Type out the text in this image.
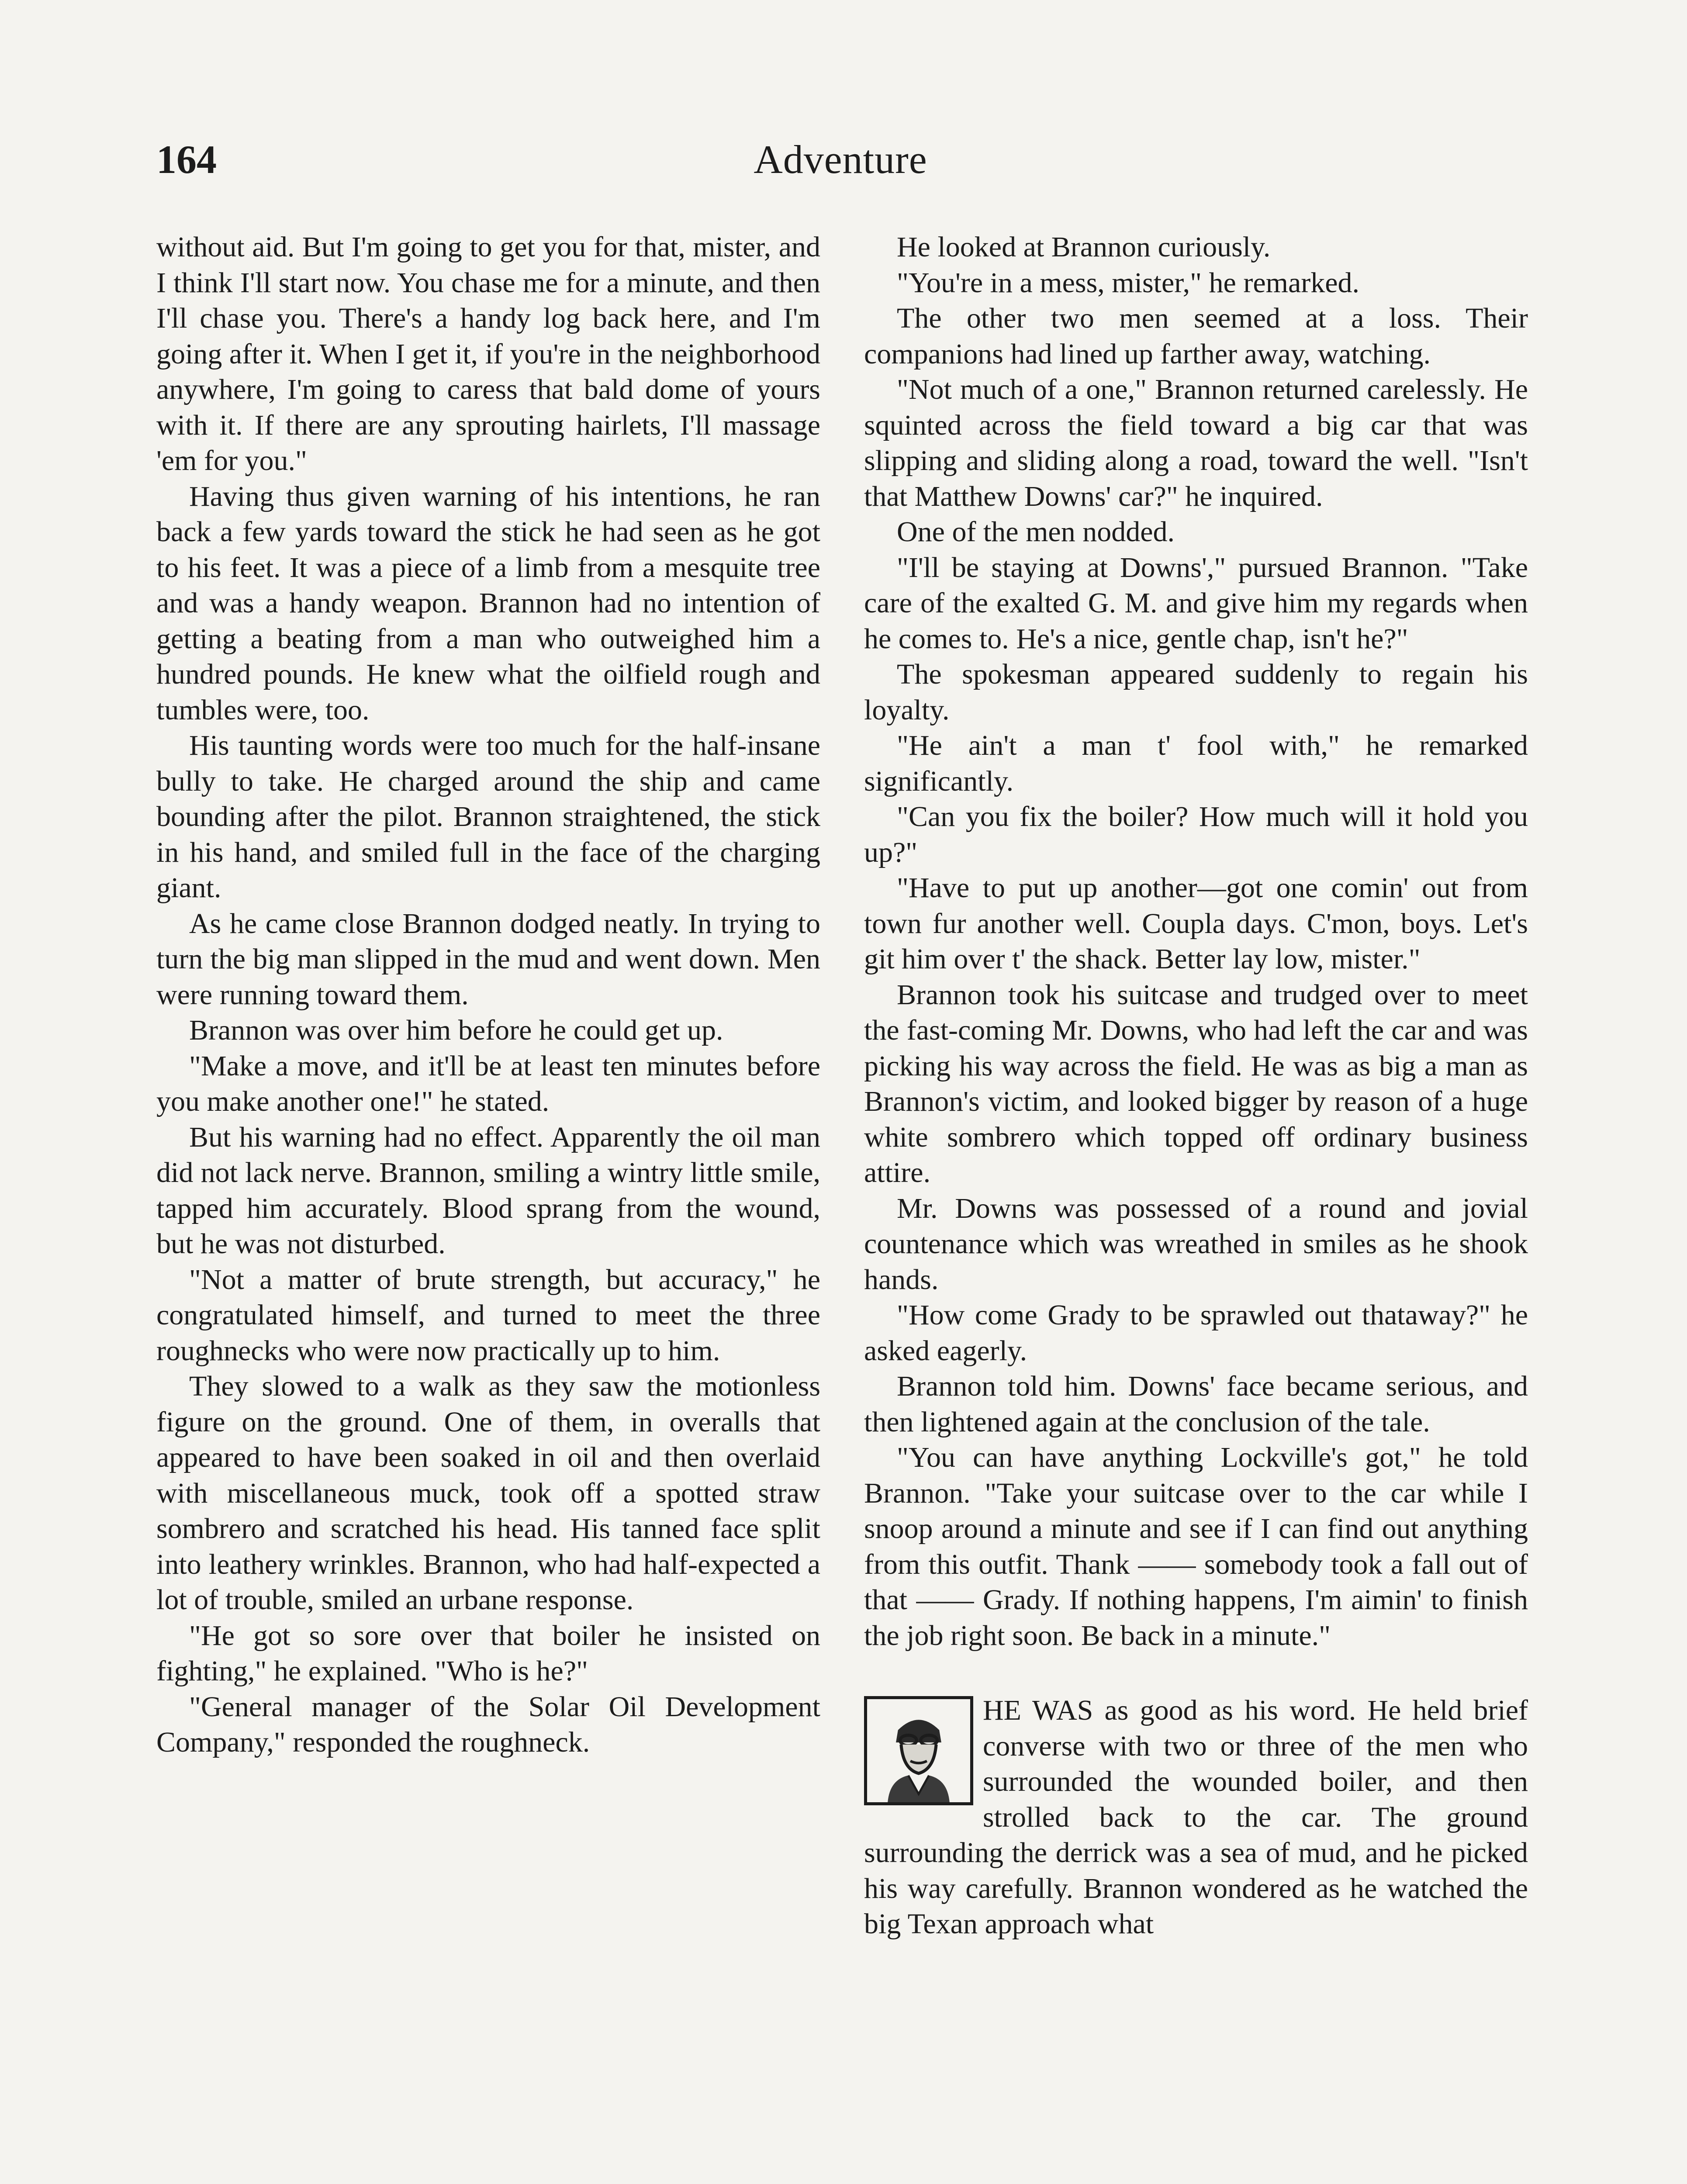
164	Adventure

without aid. But I'm going to get you for that, mister, and I think I'll start now. You chase me for a minute, and then I'll chase you. There's a handy log back here, and I'm going after it. When I get it, if you're in the neighborhood anywhere, I'm going to caress that bald dome of yours with it. If there are any sprouting hairlets, I'll massage 'em for you."

Having thus given warning of his intentions, he ran back a few yards toward the stick he had seen as he got to his feet. It was a piece of a limb from a mesquite tree and was a handy weapon. Brannon had no intention of getting a beating from a man who outweighed him a hundred pounds. He knew what the oilfield rough and tumbles were, too.

His taunting words were too much for the half-insane bully to take. He charged around the ship and came bounding after the pilot. Brannon straightened, the stick in his hand, and smiled full in the face of the charging giant.

As he came close Brannon dodged neatly. In trying to turn the big man slipped in the mud and went down. Men were running toward them.

Brannon was over him before he could get up.

"Make a move, and it'll be at least ten minutes before you make another one!" he stated.

But his warning had no effect. Apparently the oil man did not lack nerve. Brannon, smiling a wintry little smile, tapped him accurately. Blood sprang from the wound, but he was not disturbed.

"Not a matter of brute strength, but accuracy," he congratulated himself, and turned to meet the three roughnecks who were now practically up to him.

They slowed to a walk as they saw the motionless figure on the ground. One of them, in overalls that appeared to have been soaked in oil and then overlaid with miscellaneous muck, took off a spotted straw sombrero and scratched his head. His tanned face split into leathery wrinkles. Brannon, who had half-expected a lot of trouble, smiled an urbane response.

"He got so sore over that boiler he insisted on fighting," he explained. "Who is he?"

"General manager of the Solar Oil Development Company," responded the roughneck.

He looked at Brannon curiously.

"You're in a mess, mister," he remarked.

The other two men seemed at a loss. Their companions had lined up farther away, watching.

"Not much of a one," Brannon returned carelessly. He squinted across the field toward a big car that was slipping and sliding along a road, toward the well. "Isn't that Matthew Downs' car?" he inquired.

One of the men nodded.

"I'll be staying at Downs'," pursued Brannon. "Take care of the exalted G. M. and give him my regards when he comes to. He's a nice, gentle chap, isn't he?"

The spokesman appeared suddenly to regain his loyalty.

"He ain't a man t' fool with," he remarked significantly.

"Can you fix the boiler? How much will it hold you up?"

"Have to put up another—got one comin' out from town fur another well. Coupla days. C'mon, boys. Let's git him over t' the shack. Better lay low, mister."

Brannon took his suitcase and trudged over to meet the fast-coming Mr. Downs, who had left the car and was picking his way across the field. He was as big a man as Brannon's victim, and looked bigger by reason of a huge white sombrero which topped off ordinary business attire.

Mr. Downs was possessed of a round and jovial countenance which was wreathed in smiles as he shook hands.

"How come Grady to be sprawled out thataway?" he asked eagerly.

Brannon told him. Downs' face became serious, and then lightened again at the conclusion of the tale.

"You can have anything Lockville's got," he told Brannon. "Take your suitcase over to the car while I snoop around a minute and see if I can find out anything from this outfit. Thank —— somebody took a fall out of that —— Grady. If nothing happens, I'm aimin' to finish the job right soon. Be back in a minute."

HE WAS as good as his word. He held brief converse with two or three of the men who surrounded the wounded boiler, and then strolled back to the car. The ground surrounding the derrick was a sea of mud, and he picked his way carefully. Brannon wondered as he watched the big Texan approach what
